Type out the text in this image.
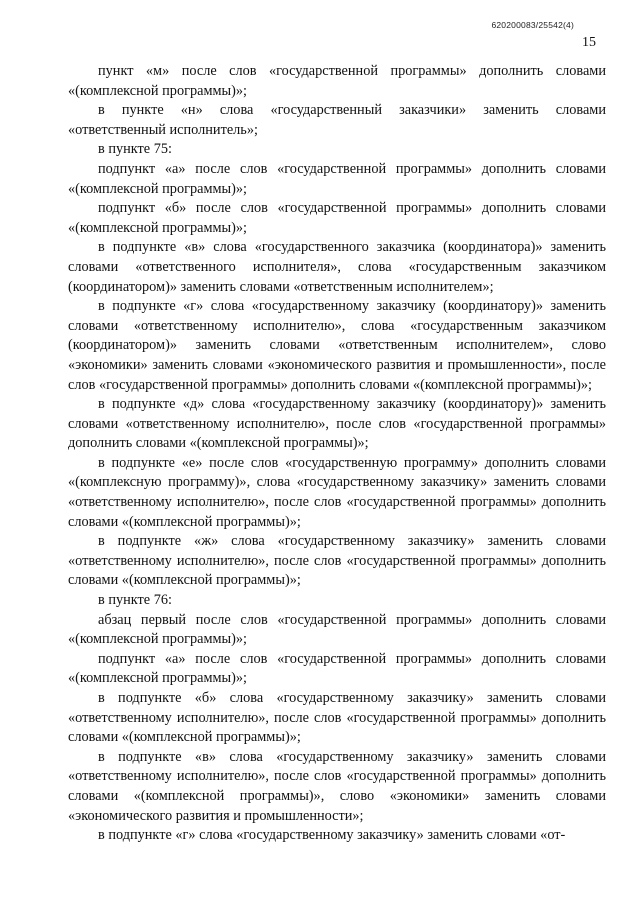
620200083/25542(4)
15

пункт «м» после слов «государственной программы» дополнить словами «(комплексной программы)»;

в пункте «н» слова «государственный заказчики» заменить словами «ответственный исполнитель»;

в пункте 75:

подпункт «а» после слов «государственной программы» дополнить словами «(комплексной программы)»;

подпункт «б» после слов «государственной программы» дополнить словами «(комплексной программы)»;

в подпункте «в» слова «государственного заказчика (координатора)» заменить словами «ответственного исполнителя», слова «государственным заказчиком (координатором)» заменить словами «ответственным исполнителем»;

в подпункте «г» слова «государственному заказчику (координатору)» заменить словами «ответственному исполнителю», слова «государственным заказчиком (координатором)» заменить словами «ответственным исполнителем», слово «экономики» заменить словами «экономического развития и промышленности», после слов «государственной программы» дополнить словами «(комплексной программы)»;

в подпункте «д» слова «государственному заказчику (координатору)» заменить словами «ответственному исполнителю», после слов «государственной программы» дополнить словами «(комплексной программы)»;

в подпункте «е» после слов «государственную программу» дополнить словами «(комплексную программу)», слова «государственному заказчику» заменить словами «ответственному исполнителю», после слов «государственной программы» дополнить словами «(комплексной программы)»;

в подпункте «ж» слова «государственному заказчику» заменить словами «ответственному исполнителю», после слов «государственной программы» дополнить словами «(комплексной программы)»;

в пункте 76:

абзац первый после слов «государственной программы» дополнить словами «(комплексной программы)»;

подпункт «а» после слов «государственной программы» дополнить словами «(комплексной программы)»;

в подпункте «б» слова «государственному заказчику» заменить словами «ответственному исполнителю», после слов «государственной программы» дополнить словами «(комплексной программы)»;

в подпункте «в» слова «государственному заказчику» заменить словами «ответственному исполнителю», после слов «государственной программы» дополнить словами «(комплексной программы)», слово «экономики» заменить словами «экономического развития и промышленности»;

в подпункте «г» слова «государственному заказчику» заменить словами «от-
